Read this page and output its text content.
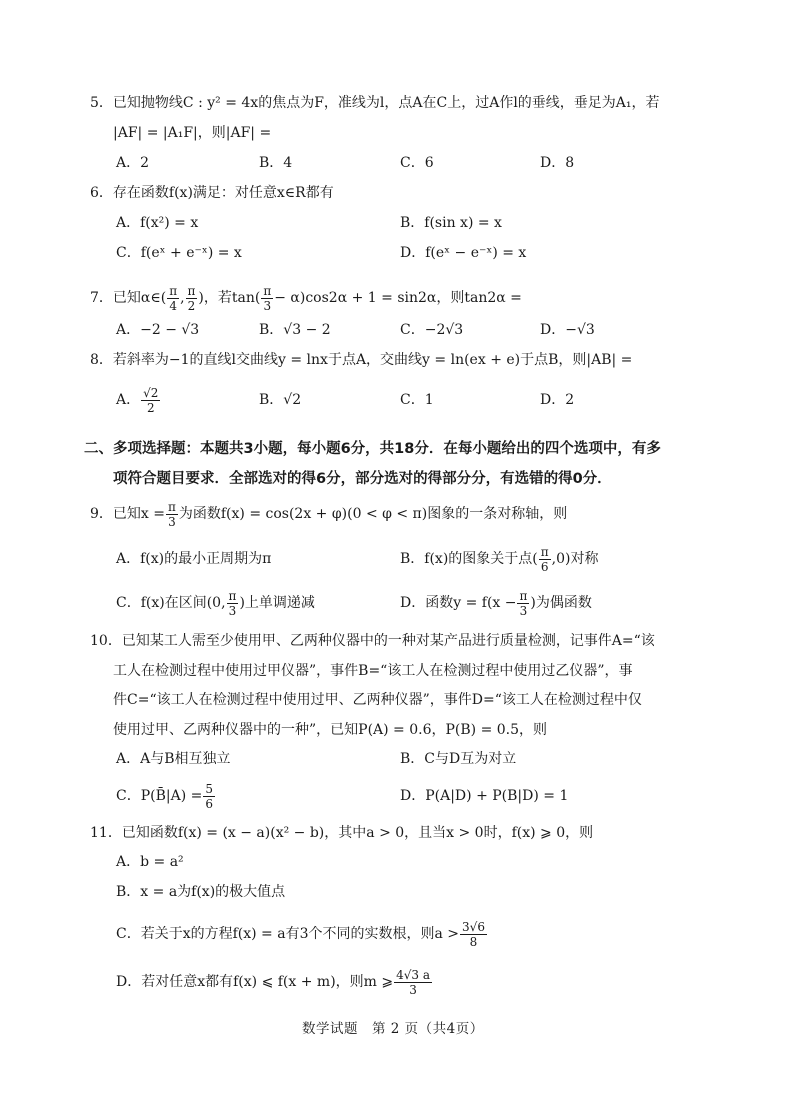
5．已知抛物线C : y² = 4x的焦点为F，准线为l，点A在C上，过A作l的垂线，垂足为A₁，若
|AF| = |A₁F|，则|AF| =
A．2	B．4	C．6	D．8
6．存在函数f(x)满足：对任意x∈R都有
A．f(x²) = x	B．f(sin x) = x
C．f(eˣ + e⁻ˣ) = x	D．f(eˣ − e⁻ˣ) = x
7．已知α∈( $\frac{\pi}{4}$ , $\frac{\pi}{2}$ )，若$\tan( \frac{\pi}{3} - \alpha)\cos 2\alpha + 1 = \sin 2\alpha$，则tan2α =
A．−2 − √3	B．√3 − 2	C．−2√3	D．−√3
8．若斜率为−1的直线l交曲线y = lnx于点A，交曲线y = ln(ex + e)于点B，则|AB| =
A． $\frac{√2}{2}$	B．√2	C．1	D．2
二、多项选择题：本题共3小题，每小题6分，共18分．在每小题给出的四个选项中，有多
项符合题目要求．全部选对的得6分，部分选对的得部分分，有选错的得0分．
9．已知$x = \frac{\pi}{3}$ 为函数f(x) = cos(2x + φ)(0 < φ < π)图象的一条对称轴，则
A．f(x)的最小正周期为π	B．f(x)的图象关于点( $\frac{\pi}{6} ,0$)对称
C．f(x)在区间(0, $\frac{\pi}{3}$ )上单调递减	D．函数$y = f(x - \frac{\pi}{3}$ )为偶函数
10．已知某工人需至少使用甲、乙两种仪器中的一种对某产品进行质量检测，记事件A=“该
工人在检测过程中使用过甲仪器”，事件B=“该工人在检测过程中使用过乙仪器”，事
件C=“该工人在检测过程中使用过甲、乙两种仪器”，事件D=“该工人在检测过程中仅
使用过甲、乙两种仪器中的一种”，已知P(A) = 0.6，P(B) = 0.5，则
A．A与B相互独立	B．C与D互为对立
C．P(B̄|A) = $\frac{5}{6}$	D．P(A|D) + P(B|D) = 1
11．已知函数f(x) = (x − a)(x² − b)，其中a > 0，且当x > 0时，f(x) ⩾ 0，则
A．b = a²
B．x = a为f(x)的极大值点
C．若关于x的方程f(x) = a有3个不同的实数根，则$a > \frac{3√6}{8}$
D．若对任意x都有f(x) ⩽ f(x + m)，则m ⩾ $\frac{4√3 a}{3}$
数学试题　第 2 页（共4页）
